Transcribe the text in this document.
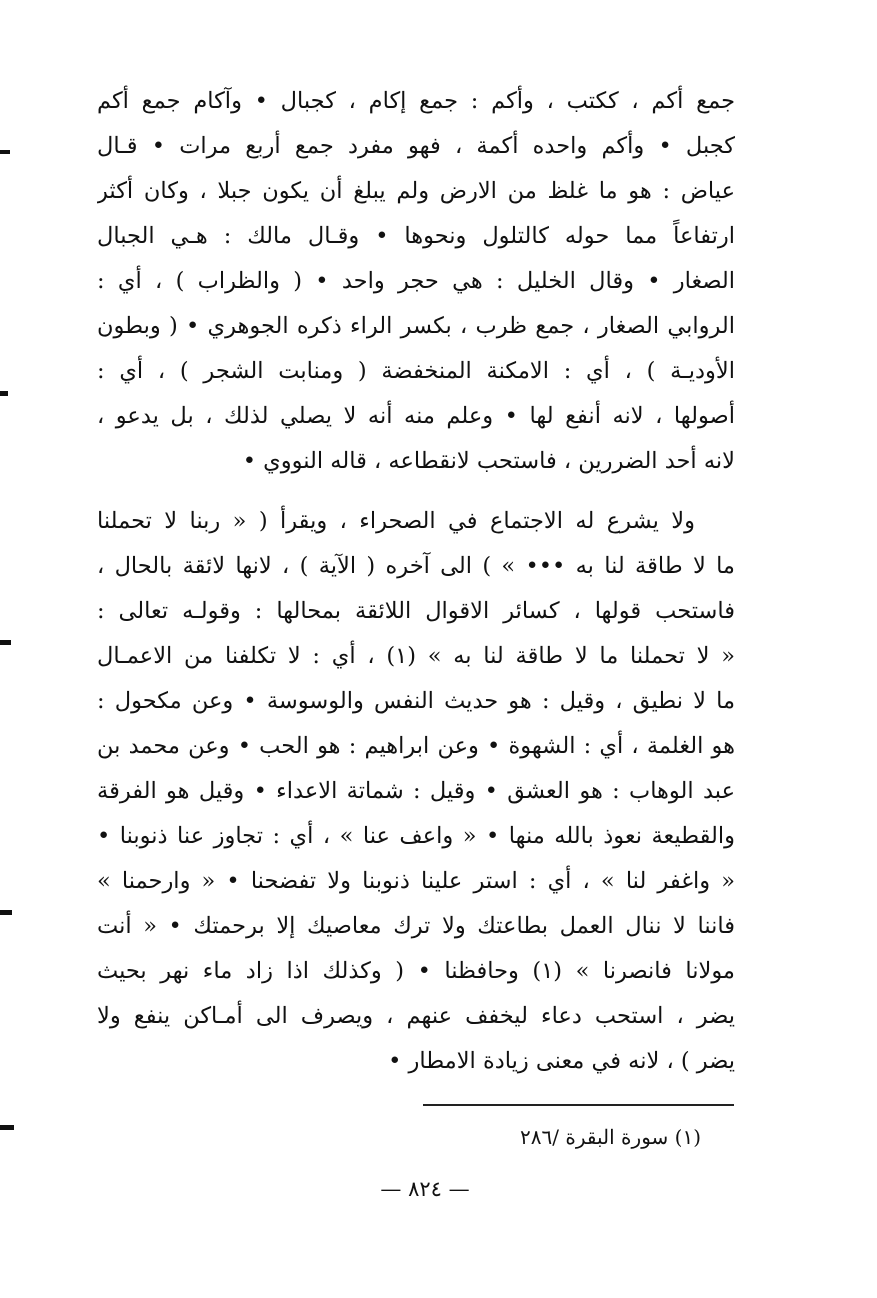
جمع أكم ، ككتب ، وأكم : جمع إكام ، كجبال • وآكام جمع أكم
كجبل • وأكم واحده أكمة ، فهو مفرد جمع أربع مرات • قـال
عياض : هو ما غلظ من الارض ولم يبلغ أن يكون جبلا ، وكان أكثر
ارتفاعاً مما حوله كالتلول ونحوها • وقـال مالك : هـي الجبال
الصغار • وقال الخليل : هي حجر واحد • ( والظراب ) ، أي :
الروابي الصغار ، جمع ظرب ، بكسر الراء ذكره الجوهري • ( وبطون
الأوديـة ) ، أي : الامكنة المنخفضة ( ومنابت الشجر ) ، أي :
أصولها ، لانه أنفع لها • وعلم منه أنه لا يصلي لذلك ، بل يدعو ،
لانه أحد الضررين ، فاستحب لانقطاعه ، قاله النووي •
ولا يشرع له الاجتماع في الصحراء ، ويقرأ ( « ربنا لا تحملنا
ما لا طاقة لنا به ••• » ) الى آخره ( الآية ) ، لانها لائقة بالحال ،
فاستحب قولها ، كسائر الاقوال اللائقة بمحالها : وقولـه تعالى :
« لا تحملنا ما لا طاقة لنا به » (١) ، أي : لا تكلفنا من الاعمـال
ما لا نطيق ، وقيل : هو حديث النفس والوسوسة • وعن مكحول :
هو الغلمة ، أي : الشهوة • وعن ابراهيم : هو الحب • وعن محمد بن
عبد الوهاب : هو العشق • وقيل : شماتة الاعداء • وقيل هو الفرقة
والقطيعة نعوذ بالله منها • « واعف عنا » ، أي : تجاوز عنا ذنوبنا •
« واغفر لنا » ، أي : استر علينا ذنوبنا ولا تفضحنا • « وارحمنا »
فاننا لا ننال العمل بطاعتك ولا ترك معاصيك إلا برحمتك • « أنت
مولانا فانصرنا » (١) وحافظنا • ( وكذلك اذا زاد ماء نهر بحيث
يضر ، استحب دعاء ليخفف عنهم ، ويصرف الى أمـاكن ينفع ولا
يضر ) ، لانه في معنى زيادة الامطار •
(١) سورة البقرة /٢٨٦
— ٨٢٤ —
